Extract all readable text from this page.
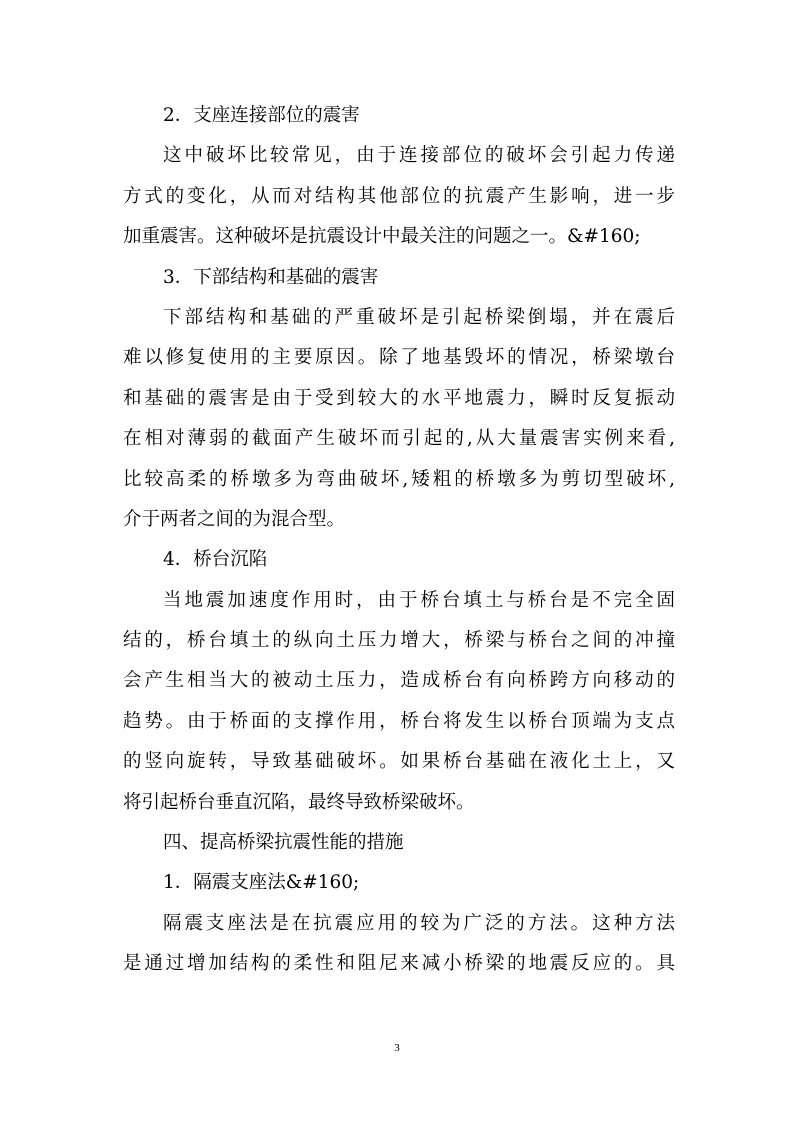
2．支座连接部位的震害
这中破坏比较常见，由于连接部位的破坏会引起力传递
方式的变化，从而对结构其他部位的抗震产生影响，进一步
加重震害。这种破坏是抗震设计中最关注的问题之一。&#160;
3．下部结构和基础的震害
下部结构和基础的严重破坏是引起桥梁倒塌，并在震后
难以修复使用的主要原因。除了地基毁坏的情况，桥梁墩台
和基础的震害是由于受到较大的水平地震力，瞬时反复振动
在相对薄弱的截面产生破坏而引起的,从大量震害实例来看,
比较高柔的桥墩多为弯曲破坏,矮粗的桥墩多为剪切型破坏,
介于两者之间的为混合型。
4．桥台沉陷
当地震加速度作用时，由于桥台填土与桥台是不完全固
结的，桥台填土的纵向土压力增大，桥梁与桥台之间的冲撞
会产生相当大的被动土压力，造成桥台有向桥跨方向移动的
趋势。由于桥面的支撑作用，桥台将发生以桥台顶端为支点
的竖向旋转，导致基础破坏。如果桥台基础在液化土上，又
将引起桥台垂直沉陷，最终导致桥梁破坏。
四、提高桥梁抗震性能的措施
1．隔震支座法&#160;
隔震支座法是在抗震应用的较为广泛的方法。这种方法
是通过增加结构的柔性和阻尼来减小桥梁的地震反应的。具
3
